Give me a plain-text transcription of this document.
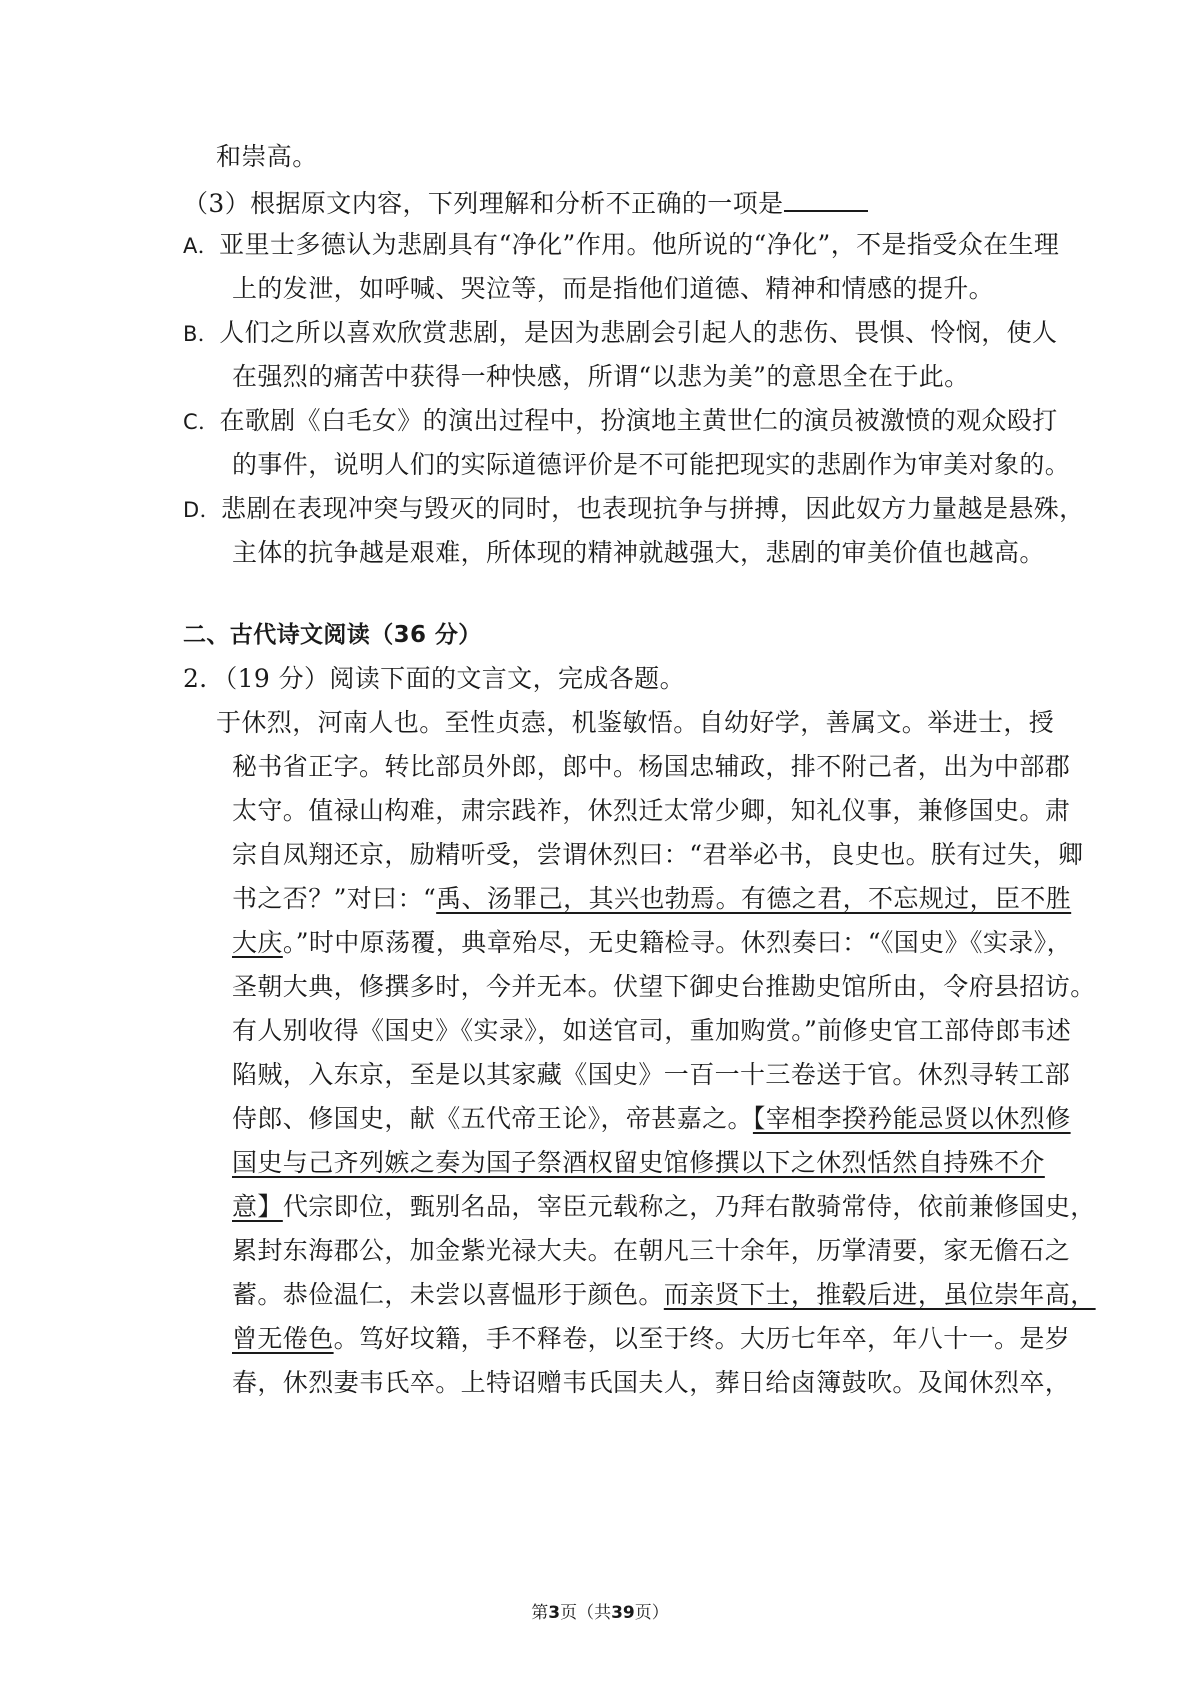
和崇高。
（3）根据原文内容，下列理解和分析不正确的一项是
A．亚里士多德认为悲剧具有“净化”作用。他所说的“净化”，不是指受众在生理
上的发泄，如呼喊、哭泣等，而是指他们道德、精神和情感的提升。
B．人们之所以喜欢欣赏悲剧，是因为悲剧会引起人的悲伤、畏惧、怜悯，使人
在强烈的痛苦中获得一种快感，所谓“以悲为美”的意思全在于此。
C．在歌剧《白毛女》的演出过程中，扮演地主黄世仁的演员被激愤的观众殴打
的事件，说明人们的实际道德评价是不可能把现实的悲剧作为审美对象的。
D．悲剧在表现冲突与毁灭的同时，也表现抗争与拼搏，因此奴方力量越是悬殊，
主体的抗争越是艰难，所体现的精神就越强大，悲剧的审美价值也越高。
二、古代诗文阅读（36 分）
2．（19 分）阅读下面的文言文，完成各题。
于休烈，河南人也。至性贞悫，机鉴敏悟。自幼好学，善属文。举进士，授
秘书省正字。转比部员外郎，郎中。杨国忠辅政，排不附己者，出为中部郡
太守。值禄山构难，肃宗践祚，休烈迁太常少卿，知礼仪事，兼修国史。肃
宗自凤翔还京，励精听受，尝谓休烈曰：“君举必书，良史也。朕有过失，卿
书之否？”对曰：“禹、汤罪己，其兴也勃焉。有德之君，不忘规过，臣不胜
大庆。”时中原荡覆，典章殆尽，无史籍检寻。休烈奏曰：“《国史》《实录》，
圣朝大典，修撰多时，今并无本。伏望下御史台推勘史馆所由，令府县招访。
有人别收得《国史》《实录》，如送官司，重加购赏。”前修史官工部侍郎韦述
陷贼，入东京，至是以其家藏《国史》一百一十三卷送于官。休烈寻转工部
侍郎、修国史，献《五代帝王论》，帝甚嘉之。【宰相李揆矜能忌贤以休烈修
国史与己齐列嫉之奏为国子祭酒权留史馆修撰以下之休烈恬然自持殊不介
意】代宗即位，甄别名品，宰臣元载称之，乃拜右散骑常侍，依前兼修国史，
累封东海郡公，加金紫光禄大夫。在朝凡三十余年，历掌清要，家无儋石之
蓄。恭俭温仁，未尝以喜愠形于颜色。而亲贤下士，推毂后进，虽位崇年高，
曾无倦色。笃好坟籍，手不释卷，以至于终。大历七年卒，年八十一。是岁
春，休烈妻韦氏卒。上特诏赠韦氏国夫人，葬日给卤簿鼓吹。及闻休烈卒，
第3页（共39页）
